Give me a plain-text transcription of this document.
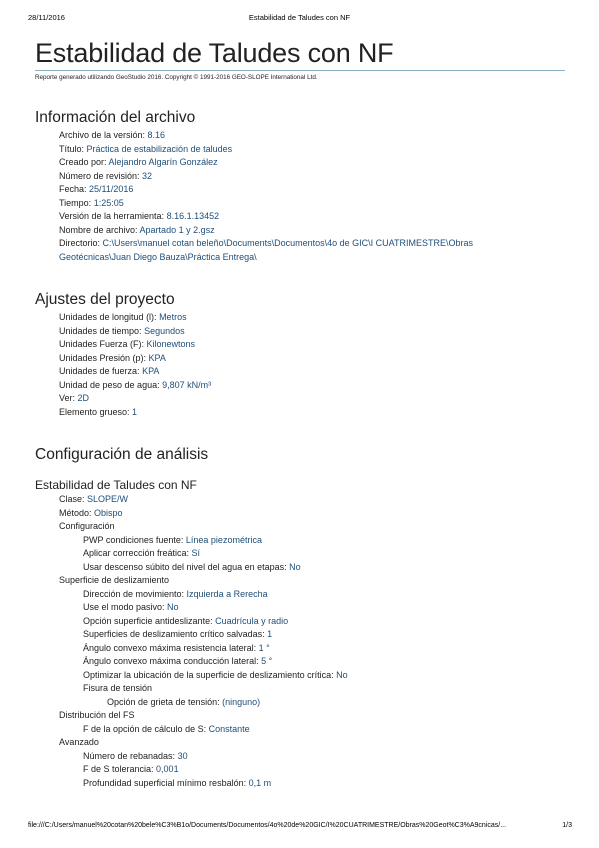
28/11/2016	Estabilidad de Taludes con NF
Estabilidad de Taludes con NF
Reporte generado utilizando GeoStudio 2016. Copyright © 1991-2016 GEO-SLOPE International Ltd.
Información del archivo
Archivo de la versión: 8.16
Título: Práctica de estabilización de taludes
Creado por: Alejandro Algarín González
Número de revisión: 32
Fecha: 25/11/2016
Tiempo: 1:25:05
Versión de la herramienta: 8.16.1.13452
Nombre de archivo: Apartado 1 y 2.gsz
Directorio: C:\Users\manuel cotan beleño\Documents\Documentos\4o de GIC\I CUATRIMESTRE\Obras
Geotécnicas\Juan Diego Bauza\Práctica Entrega\
Ajustes del proyecto
Unidades de longitud (l): Metros
Unidades de tiempo: Segundos
Unidades Fuerza (F): Kilonewtons
Unidades Presión (p): KPA
Unidades de fuerza: KPA
Unidad de peso de agua: 9,807 kN/m³
Ver: 2D
Elemento grueso: 1
Configuración de análisis
Estabilidad de Taludes con NF
Clase: SLOPE/W
Método: Obispo
Configuración
PWP condiciones fuente: Línea piezométrica
Aplicar corrección freática: Sí
Usar descenso súbito del nivel del agua en etapas: No
Superficie de deslizamiento
Dirección de movimiento: Izquierda a Rerecha
Use el modo pasivo: No
Opción superficie antideslizante: Cuadrícula y radio
Superficies de deslizamiento crítico salvadas: 1
Ángulo convexo máxima resistencia lateral: 1 °
Ángulo convexo máxima conducción lateral: 5 °
Optimizar la ubicación de la superficie de deslizamiento crítica: No
Fisura de tensión
Opción de grieta de tensión: (ninguno)
Distribución del FS
F de la opción de cálculo de S: Constante
Avanzado
Número de rebanadas: 30
F de S tolerancia: 0,001
Profundidad superficial mínimo resbalón: 0,1 m
file:///C:/Users/manuel%20cotan%20bele%C3%B1o/Documents/Documentos/4o%20de%20GIC/I%20CUATRIMESTRE/Obras%20Geot%C3%A9cnicas/...	1/3
